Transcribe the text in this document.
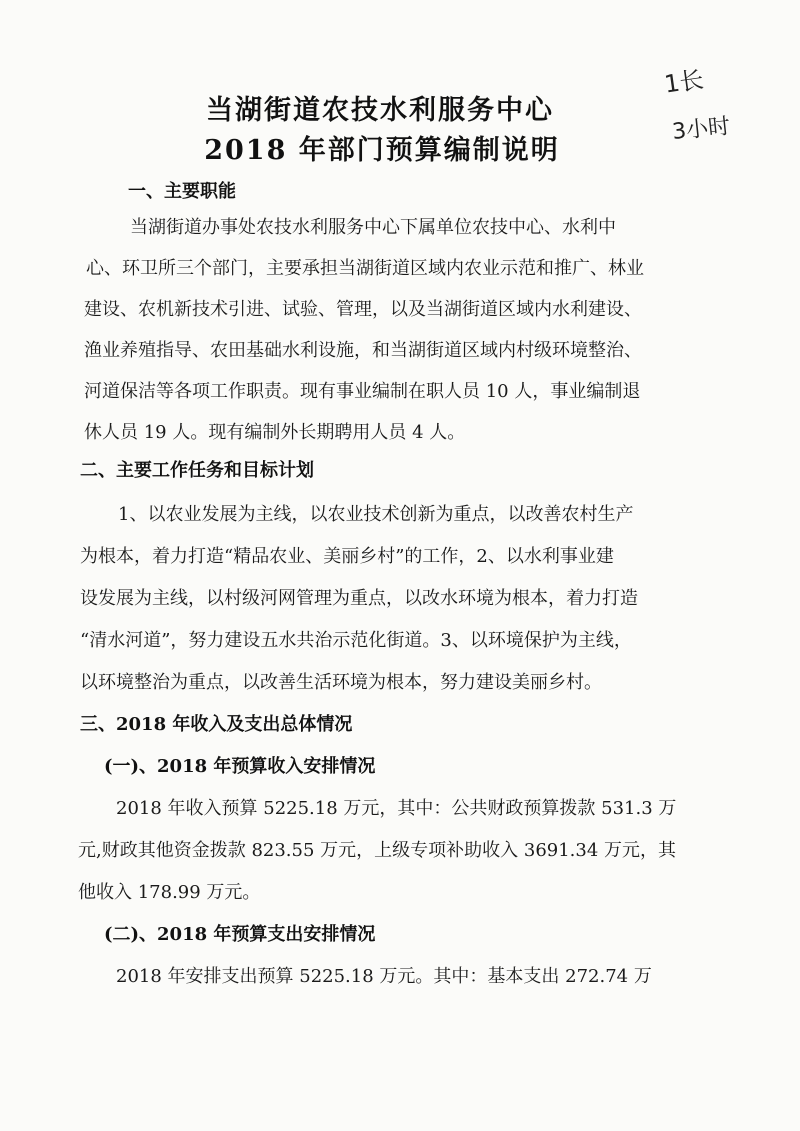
1长
3小时
当湖街道农技水利服务中心
2018 年部门预算编制说明
一、主要职能
当湖街道办事处农技水利服务中心下属单位农技中心、水利中
心、环卫所三个部门，主要承担当湖街道区域内农业示范和推广、林业
建设、农机新技术引进、试验、管理，以及当湖街道区域内水利建设、
渔业养殖指导、农田基础水利设施，和当湖街道区域内村级环境整治、
河道保洁等各项工作职责。现有事业编制在职人员 10 人，事业编制退
休人员 19 人。现有编制外长期聘用人员 4 人。
二、主要工作任务和目标计划
1、以农业发展为主线，以农业技术创新为重点，以改善农村生产
为根本，着力打造“精品农业、美丽乡村”的工作，2、以水利事业建
设发展为主线，以村级河网管理为重点，以改水环境为根本，着力打造
“清水河道”，努力建设五水共治示范化街道。3、以环境保护为主线，
以环境整治为重点，以改善生活环境为根本，努力建设美丽乡村。
三、2018 年收入及支出总体情况
(一)、2018 年预算收入安排情况
2018 年收入预算 5225.18 万元，其中：公共财政预算拨款 531.3 万
元,财政其他资金拨款 823.55 万元，上级专项补助收入 3691.34 万元，其
他收入 178.99 万元。
(二)、2018 年预算支出安排情况
2018 年安排支出预算 5225.18 万元。其中：基本支出 272.74 万
